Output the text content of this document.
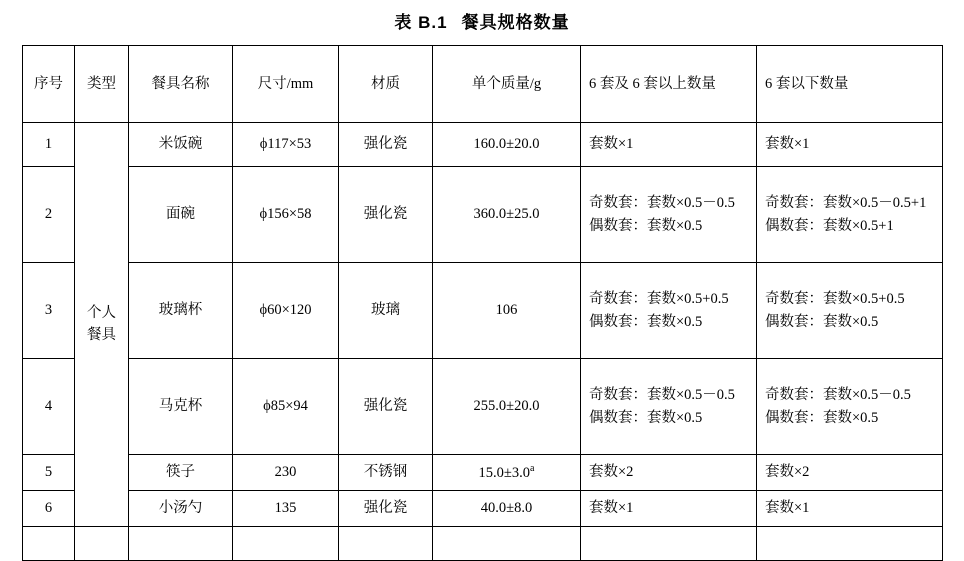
表 B.1 餐具规格数量
序号	类型	餐具名称	尺寸/mm	材质	单个质量/g	6 套及 6 套以上数量	6 套以下数量
1	个人餐具	米饭碗	ϕ117×53	强化瓷	160.0±20.0	套数×1	套数×1

2		面碗	ϕ156×58	强化瓷	360.0±25.0	奇数套：套数×0.5－0.5
偶数套：套数×0.5	奇数套：套数×0.5－0.5+1
偶数套：套数×0.5+1

3		玻璃杯	ϕ60×120	玻璃	106	奇数套：套数×0.5+0.5
偶数套：套数×0.5	奇数套：套数×0.5+0.5
偶数套：套数×0.5

4		马克杯	ϕ85×94	强化瓷	255.0±20.0	奇数套：套数×0.5－0.5
偶数套：套数×0.5	奇数套：套数×0.5－0.5
偶数套：套数×0.5

5		筷子	230	不锈钢	15.0±3.0$^a$	套数×2	套数×2

6		小汤勺	135	强化瓷	40.0±8.0	套数×1	套数×1
